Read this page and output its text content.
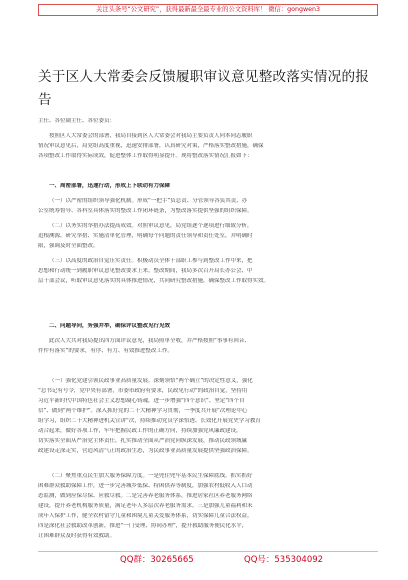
关注头条号“公文研究”，获得最新最全最专业的公文资料库！ 微信：gongwen3
关于区人大常委会反馈履职审议意见整改落实情况的报告
主任、各位副主任、各位委员：
按照区人大常委会的部署，我局自接到区人大常委会对我局主要负责人向本同志履职
情况审议意见后，局党组高度重视，迅速安排部署，认真研究对策，严格落实整改措施，确保
各项整改工作取得实际成效，促进整体工作取得明显提升。现将整改落实情况汇报如下：
一、周密部署，迅速行动，形成上下联动有力保障
（一）以严密的组织领导强化机制。形成“一把手”负总责、分管领导各负其责、办
公室统筹督导、各科室具体落实的整改工作闭环链条，为整改落实提供坚强的组织保障。
（二）以务实的举措办法提高成效。对照审议意见，局党组逐个逐项进行细致分析，
追根溯源，研究举措、实施清单化管理，明确每个问题的责任领导和责任处室，并明确时
限，强调及时全面整改。
（三）以高度的政治自觉压实责任。积极动员全体干部职工参与到整改工作中来，把
思想和行动统一到履职审议意见整改要求上来。整改期间，我局多次召开局长办公会、中
层干部会议，听取审议意见落实的具体推进情况，共同研究整改措施，确保整改工作取得实效。
二、问题导向，务强并举，确保评议整改见行见效
此次人大共对我局提出四方面评议意见，我局照单全收，并严格按照“事事有回音、
件件有落实”的要求，有序、有力、有效推进整改工作。
（一）强化党建引领民政事业高质量发展。深刻领悟“两个确立”的决定性意义，强化
“总书记有号令，党中央有部署，市委市政府有要求，民政见行动”的政治自觉，坚持用
习近平新时代中国特色社会主义思想凝心铸魂，进一步增强“四个意识”、坚定“四个自
信”、做到“两个维护”。深入抓好党的二十大精神学习贯彻，一季度共开展“次理论中心
组学习，组织二十大精神进机关宣讲“次，持续推动党员学深悟透、长效化开展党史学习教育
动合起来，做好各项工作，牢牢把握民政工作的正确方向，持续加强党风廉政建设，
切实落实全面从严治党主体责任，扎实推动全面从严治党向纵深发展，推动民政领域廉
政建设走深走实，营造风清气正的政治生态，为民政事业高质量发展提供坚强政治保障。
（二）聚焦重点民生加大服务保障力度。一是兜住兜牢基本民生保障底线。抓实抓好
困难群众救助保障工作，进一步完善城乡低保、特困供养等制度，加强农村低收入人口动
态监测，做到应保尽保、应救尽救。二是完善养老服务体系，推进居家社区养老服务网络
建设，提升养老机构服务质量，满足老年人多层次养老服务需求。三是加强儿童福利和未
成年人保护工作，健全农村留守儿童和困境儿童关爱服务体系，切实保障儿童合法权益。
四是深化社会救助改革创新，推进“一门受理、协同办理”，提升救助服务便民化水平，
让困难群众及时获得有效救助。
QQ群：30265665	QQ号：535304092
